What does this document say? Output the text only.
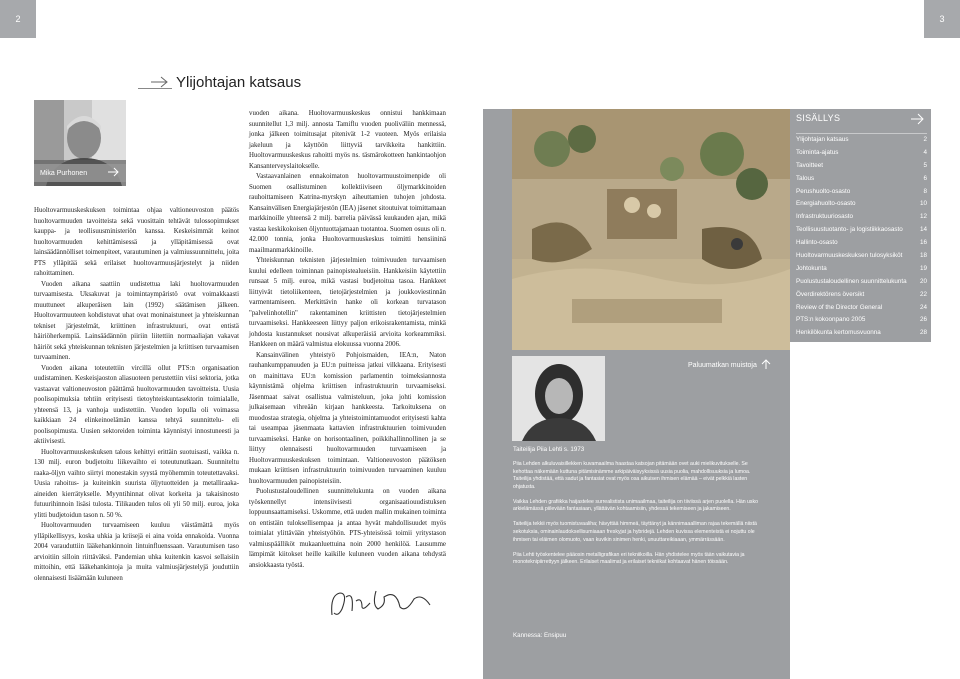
2	3
Ylijohtajan katsaus
Mika Purhonen

Huoltovarmuuskeskuksen toimintaa ohjaa valtioneuvoston päätös huoltovarmuuden tavoitteista sekä vuosittain tehtävät tulossopimukset kauppa- ja teollisuusministeriön kanssa. Keskeisimmät keinot huoltovarmuuden kehittämisessä ja ylläpitämisessä ovat lainsäädännölliset toimenpiteet, varautuminen ja valmiussuunnittelu, joita PTS ylläpitää sekä erilaiset huoltovarmuusjärjestelyt ja niiden rahoittaminen.

Vuoden aikana saattiin uudistettua laki huoltovarmuuden turvaamisesta. Uksakuvat ja toimintaympäristö ovat voimakkaasti muuttuneet alkuperäisen lain (1992) säätämisen jälkeen. Huoltovarmuuteen kohdistuvat uhat ovat moninaistuneet ja yhteiskunnan tekniset järjestelmät, kriittinen infrastruktuuri, ovat entistä häiriöherkempiä. Lainsäädännön piiriin liitettiin normaaliajan vakavat häiriöt sekä yhteiskunnan teknisten järjestelmien ja kriittisen turvaamisen turvaaminen.

Vuoden aikana toteutettiin vircillä ollut PTS:n organisaation uudistaminen. Keskeisjaoston aliasuoteen perustettiin viisi sektoria, jotka vastaavat valtioneuvoston päättämä huoltovarmuuden tavoitteista. Uusia poolisopimuksia tehtiin erityisesti tietoyhteiskuntasektorin toimialalle, yhteensä 13, ja vanhoja uudistettiin. Vuoden lopulla oli voimassa kaikkiaan 24 elinkeinoelämän kanssa tehtyä suunnittelu- eli poolisopimusta. Uusien sektoreiden toiminta käynnistyi innostuneesti ja aktiivisesti.

Huoltovarmuuskeskuksen talous kehittyi erittäin suotuisasti, vaikka n. 130 milj. euron budjetoitu liikevaihto ei toteutunutkaan. Suunniteltu raaka-öljyn vaihto siirtyi monestakin syystä myöhemmin toteutettavaksi. Uusia rahoitus- ja kuiteinkin suurista öljytuotteiden ja metalliraaka-aineiden kierrätykselle. Myyntihinnat olivat korkeita ja takaisinosto futuurihinnoin lisäsi tulosta. Tilikauden tulos oli yli 50 milj. euroa, joka ylitti budjetoidun tason n. 50 %.

Huoltovarmuuden turvaamiseen kuuluu väistämättä myös ylläpikellisyys, koska uhkia ja kriisejä ei aina voida ennakoida. Vuonna 2004 varauduttiin lääkehankinnoin lintuinfluenssaan. Varautumisen taso arvioitiin silloin riittäväksi. Pandemian uhka kuitenkin kasvoi sellaisiin mittoihin, että lääkehankintoja ja muita valmiusjärjestelyjä jouduttiin olennaisesti lisäämään kuluneen

vuoden aikana. Huoltovarmuuskeskus onnistui hankkimaan suunnitellut 1,3 milj. annosta Tamiflu vuoden puoliväliin mennessä, jonka jälkeen toimitusajat pitenivät 1-2 vuoteen. Myös erilaisia jakeluun ja käyttöön liittyviä tarvikkeita hankittiin. Huoltovarmuuskeskus rahoitti myös ns. täsmärokotteen hankintaohjon Kansanterveyslaitokselle.

Vastaavanlainen ennakoimaton huoltovarmuustoimenpide oli Suomen osallistuminen kollektiiviseen öljymarkkinoiden rauhoittamiseen Katrina-myrskyn aiheuttamien tuhojen johdosta. Kansainvälisen Energiajärjestön (IEA) jäsenet sitoutuivat toimittamaan markkinoille yhteensä 2 milj. barrelia päivässä kuukauden ajan, mikä vastaa keskikokoisen öljyntuottajamaan tuotantoa. Suomen osuus oli n. 42.000 tonnia, jonka Huoltovarmuuskeskus toimitti hensiininä maailmanmarkkinoille.

Yhteiskunnan teknisten järjestelmien toimivuuden turvaamisen kuului edelleen toiminnan painopistealueisiin. Hankkeisiin käytettiin runsaat 5 milj. euroa, mikä vastasi budjetoitua tasoa. Hankkeet liittyivät tietoliikenteen, tietojärjestelmien ja joukkoviestinnän varmentamiseen. Merkittävin hanke oli korkean turvatason "palvelinhotellin" rakentaminen kriittisten tietojärjestelmien turvaamiseksi. Hankkeeseen liittyy paljon erikoisrakentamista, minkä johdosta kustannukset nousivat alkuperäisiä arvioita korkeammiksi. Hankkeen on määrä valmistua elokuussa vuonna 2006.

Kansainvälinen yhteistyö Pohjoismaiden, IEA:n, Naton rauhankumppanuuden ja EU:n puitteissa jatkui vilkkaana. Erityisesti on mainittava EU:n komission parlamentin toimeksiannosta käynnistämä ohjelma kriittisen infrastruktuurin turvaamiseksi. Jäsenmaat saivat osallistua valmisteluun, joka johti komission julkaisemaan vihreään kirjaan hankkeesta. Tarkoituksena on muodostaa strategia, ohjelma ja yhteistoimintamuodot erityisesti kahta tai useampaa jäsenmaata kattavien infrastruktuurien toimivuuden turvaamiseksi. Hanke on horisontaalinen, poikkihallinnollinen ja se liittyy olennaisesti huoltovarmuuden turvaamiseen ja Huoltovarmuuskeskuksen toimintaan. Valtioneuvoston päätöksen mukaan kriittisen infrastruktuurin toimivuuden turvaaminen kuuluu huoltovarmuuden painopisteisiin.

Puolustustaloudellinen suunnittelukunta on vuoden aikana työskennellyt intensiivisesti organisaatiouudistuksen loppuunsaattamiseksi. Uskomme, että uuden mallin mukainen toiminta on entistäin tuloksellisempaa ja antaa hyvät mahdollisuudet myös toimialat ylittävään yhteistyöhön. PTS-yhteisössä toimii yritystason valmiuspäälliköt mukaanluettuina noin 2000 henkilöä. Lausumme lämpimät kiitokset heille kaikille kuluneen vuoden aikana tehdystä ansiokkaasta työstä.

Paluumatkan muistoja
Taiteilija Piia Lehti s. 1973

Piia Lehden alkuluvaisillekken kuvamaailma haastaa katsojan pitämään ovet auki mielikuvitukselle. Se kehottaa näkemään kuttuna pitämisinämme arkipäiväisyyksissä uusia puolia, mahdollisuuksia ja lumoa. Taiteilija yhdistää, että sadut ja fantasiat ovat myös osa aikuisen ihmisen elämää – eivät pelkkiä lasten ohjatusta.

Vaikka Lehden grafiikka haijastelee surrealistista unimaailmaa, taiteilija on tiiviissä arjen puolella. Hän usko arkielämässä piilevään fantasiaan, yllättävän kohtaamisiin, yhdessä tekemiseen ja jakamiseen.

Taiteilija tekkii myös tuomistuvaaliha; hävyttää himmeä, täyttänyt ja kännimaaalliman rajaa tekemällä niistä sekotuksia, ominainlaudoksellisumiaaan freskyjat ja hybridejä. Lehden kuvissa elementeistä ei nojuttu ole ihmisen tai eläimen olomuoto, vaan kuvikin sinimen henki, unuuttareikiaaan, ymmärrässään.

Piia Lehti työskentelee pääosin metalligrafikan eri tekniikoilla. Hän yhdistelee myös tään vaikutavia ja monoteknipiirrettyyn jälkeen. Erilaiset maalimat ja erilaiset tekniikat kohtaavat hänen töissään.

Kannessa: Ensipuu
SISÄLLYS
Ylijohtajan katsaus	2
Toiminta-ajatus	4
Tavoitteet	5
Talous	6
Perushuolto-osasto	8
Energiahuolto-osasto	10
Infrastruktuuriosasto	12
Teollisuustuotanto- ja logistiikkaosasto	14
Hallinto-osasto	16
Huoltovarmuuskeskuksen tulosyksiköt	18
Johtokunta	19
Puolustustaloudellinen suunnittelukunta 20
Överdirektörens översikt	22
Review of the Director General	24
PTS:n kokoonpano 2005	26
Henkilökunta kertomusvuonna	28
